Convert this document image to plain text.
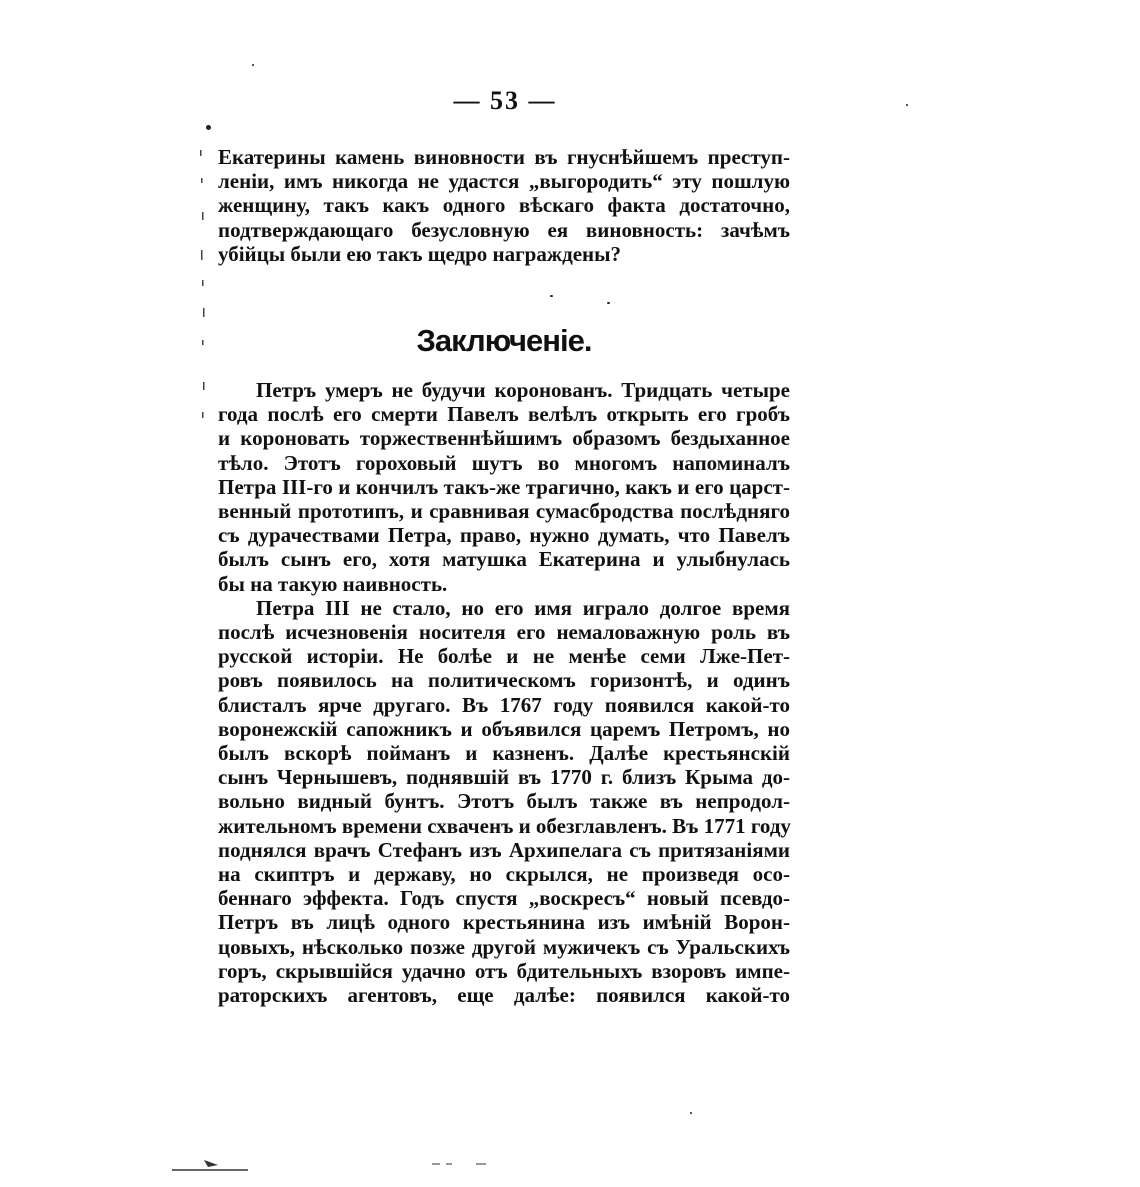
— 53 —
Екатерины камень виновности въ гнуснѣйшемъ преступ-
ленiи, имъ никогда не удастся „выгородить“ эту пошлую
женщину, такъ какъ одного вѣскаго факта достаточно,
подтверждающаго безусловную ея виновность: зачѣмъ
убiйцы были ею такъ щедро награждены?
Заключенiе.
Петръ умеръ не будучи коронованъ. Тридцать четыре
года послѣ его смерти Павелъ велѣлъ открыть его гробъ
и короновать торжественнѣйшимъ образомъ бездыханное
тѣло. Этотъ гороховый шутъ во многомъ напоминалъ
Петра III-го и кончилъ такъ-же трагично, какъ и его царст-
венный прототипъ, и сравнивая сумасбродства послѣдняго
съ дурачествами Петра, право, нужно думать, что Павелъ
былъ сынъ его, хотя матушка Екатерина и улыбнулась
бы на такую наивность.
Петра III не стало, но его имя играло долгое время
послѣ исчезновенiя носителя его немаловажную роль въ
русской исторiи. Не болѣе и не менѣе семи Лже-Пет-
ровъ появилось на политическомъ горизонтѣ, и одинъ
блисталъ ярче другаго. Въ 1767 году появился какой-то
воронежскiй сапожникъ и объявился царемъ Петромъ, но
былъ вскорѣ пойманъ и казненъ. Далѣе крестьянскiй
сынъ Чернышевъ, поднявшiй въ 1770 г. близъ Крыма до-
вольно видный бунтъ. Этотъ былъ также въ непродол-
жительномъ времени схваченъ и обезглавленъ. Въ 1771 году
поднялся врачъ Стефанъ изъ Архипелага съ притязанiями
на скиптръ и державу, но скрылся, не произведя осо-
беннаго эффекта. Годъ спустя „воскресъ“ новый псевдо-
Петръ въ лицѣ одного крестьянина изъ имѣнiй Ворон-
цовыхъ, нѣсколько позже другой мужичекъ съ Уральскихъ
горъ, скрывшiйся удачно отъ бдительныхъ взоровъ импе-
раторскихъ агентовъ, еще далѣе: появился какой-то
